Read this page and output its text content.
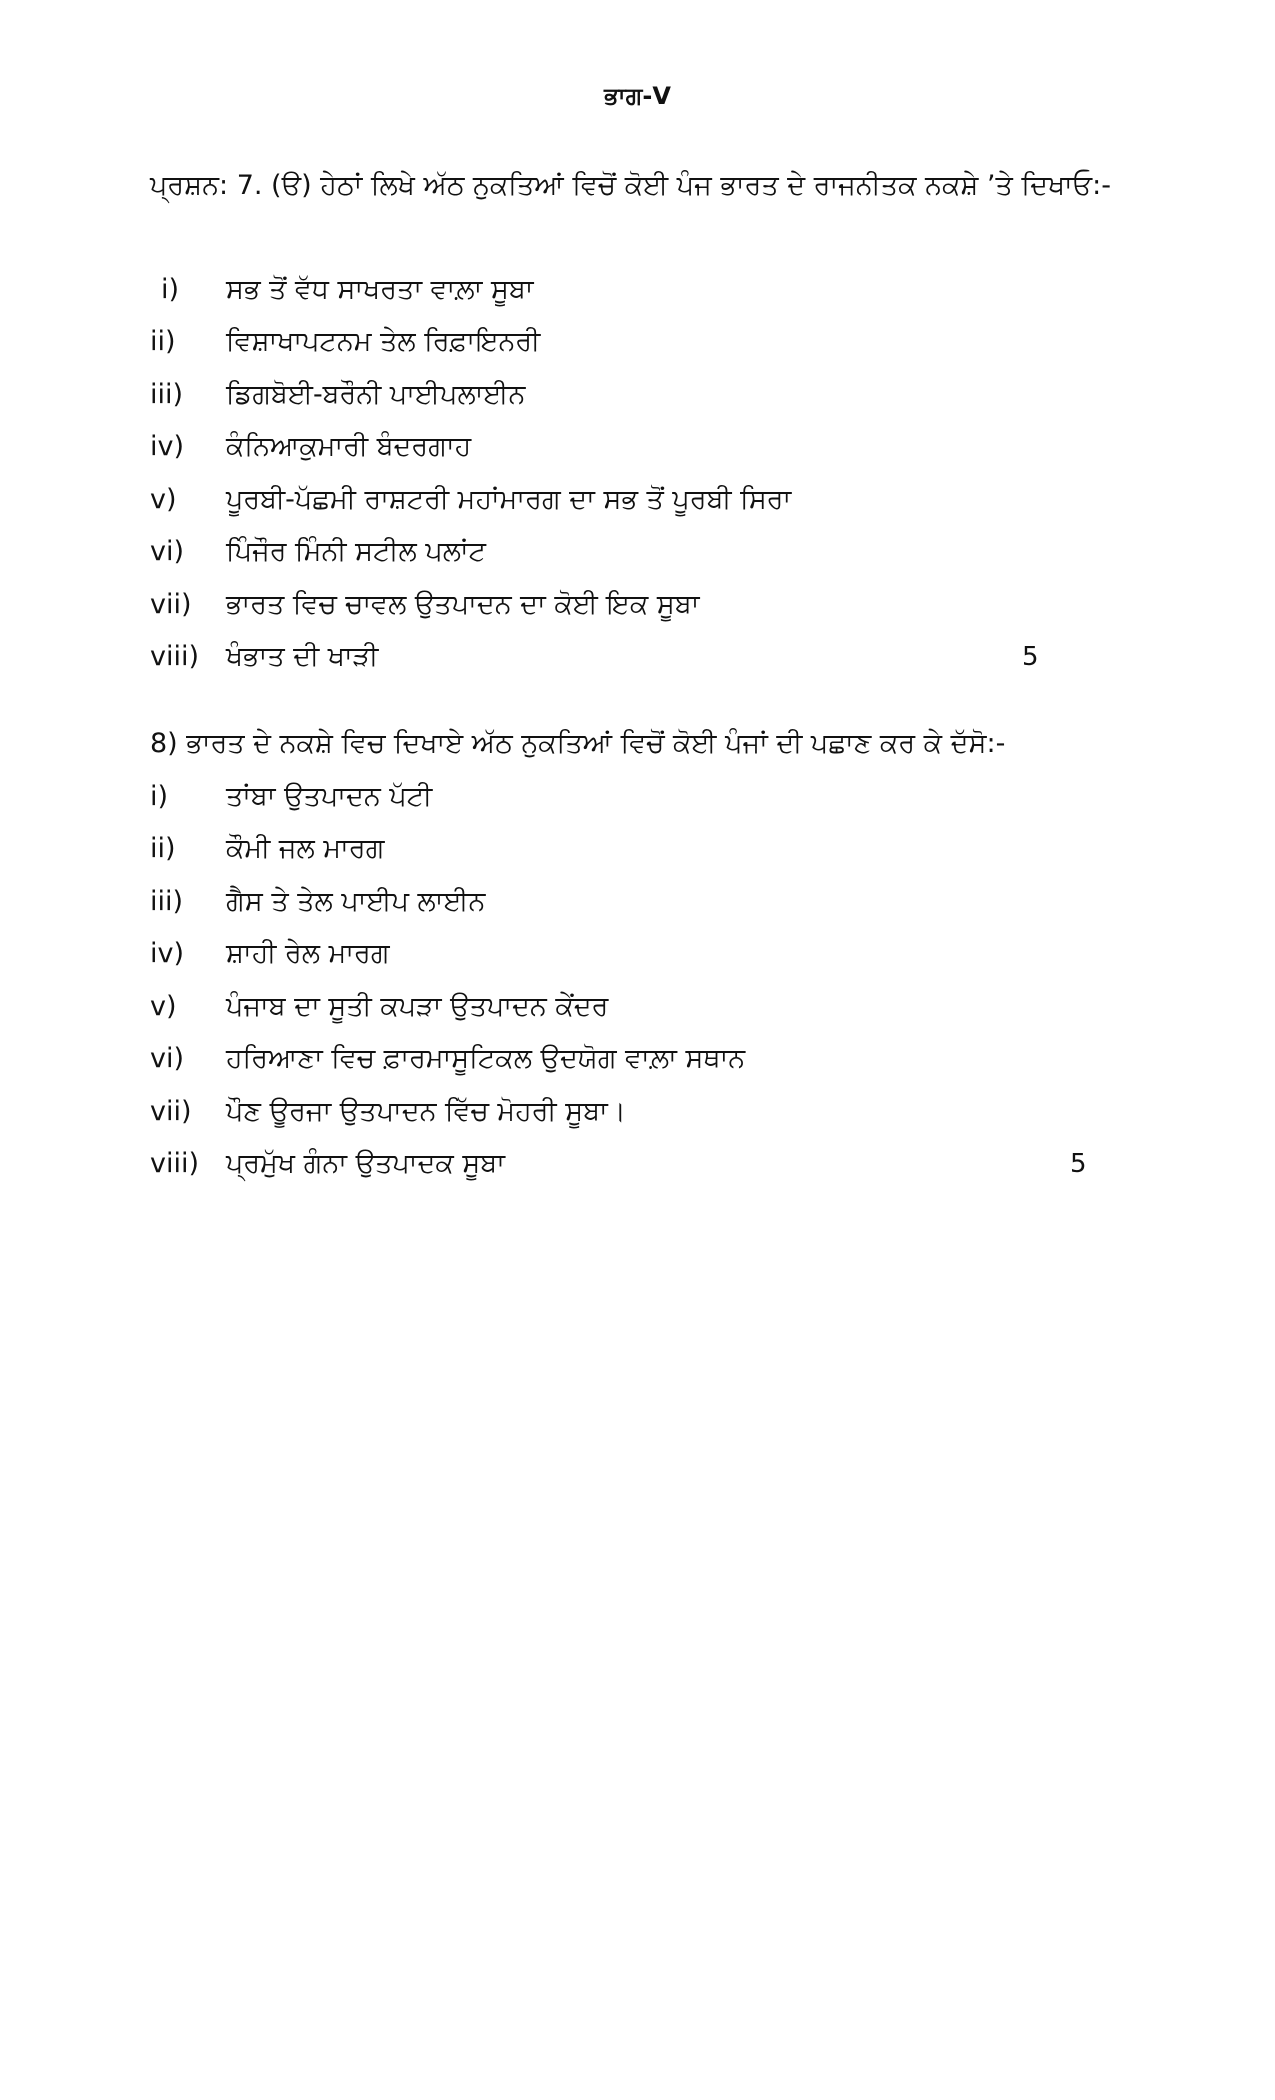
ਭਾਗ-V
ਪ੍ਰਸ਼ਨ: 7. (ੳ) ਹੇਠਾਂ ਲਿਖੇ ਅੱਠ ਨੁਕਤਿਆਂ ਵਿਚੋਂ ਕੋਈ ਪੰਜ ਭਾਰਤ ਦੇ ਰਾਜਨੀਤਕ ਨਕਸ਼ੇ ’ਤੇ ਦਿਖਾਓ:-
i)	ਸਭ ਤੋਂ ਵੱਧ ਸਾਖਰਤਾ ਵਾਲ਼ਾ ਸੂਬਾ
ii)	ਵਿਸ਼ਾਖਾਪਟਨਮ ਤੇਲ ਰਿਫ਼ਾਇਨਰੀ
iii)	ਡਿਗਬੋਈ-ਬਰੌਨੀ ਪਾਈਪਲਾਈਨ
iv)	ਕੰਨਿਆਕੁਮਾਰੀ ਬੰਦਰਗਾਹ
v)	ਪੂਰਬੀ-ਪੱਛਮੀ ਰਾਸ਼ਟਰੀ ਮਹਾਂਮਾਰਗ ਦਾ ਸਭ ਤੋਂ ਪੂਰਬੀ ਸਿਰਾ
vi)	ਪਿੰਜੌਰ ਮਿੰਨੀ ਸਟੀਲ ਪਲਾਂਟ
vii)	ਭਾਰਤ ਵਿਚ ਚਾਵਲ ਉਤਪਾਦਨ ਦਾ ਕੋਈ ਇਕ ਸੂਬਾ
viii) ਖੰਭਾਤ ਦੀ ਖਾੜੀ	5
8) ਭਾਰਤ ਦੇ ਨਕਸ਼ੇ ਵਿਚ ਦਿਖਾਏ ਅੱਠ ਨੁਕਤਿਆਂ ਵਿਚੋਂ ਕੋਈ ਪੰਜਾਂ ਦੀ ਪਛਾਣ ਕਰ ਕੇ ਦੱਸੋ:-
i)	ਤਾਂਬਾ ਉਤਪਾਦਨ ਪੱਟੀ
ii)	ਕੌਮੀ ਜਲ ਮਾਰਗ
iii)	ਗੈਸ ਤੇ ਤੇਲ ਪਾਈਪ ਲਾਈਨ
iv)	ਸ਼ਾਹੀ ਰੇਲ ਮਾਰਗ
v)	ਪੰਜਾਬ ਦਾ ਸੂਤੀ ਕਪੜਾ ਉਤਪਾਦਨ ਕੇਂਦਰ
vi)	ਹਰਿਆਣਾ ਵਿਚ ਫ਼ਾਰਮਾਸੂਟਿਕਲ ਉਦਯੋਗ ਵਾਲ਼ਾ ਸਥਾਨ
vii)	ਪੌਣ ਊਰਜਾ ਉਤਪਾਦਨ ਵਿੱਚ ਮੋਹਰੀ ਸੂਬਾ।
viii) ਪ੍ਰਮੁੱਖ ਗੰਨਾ ਉਤਪਾਦਕ ਸੂਬਾ	5
